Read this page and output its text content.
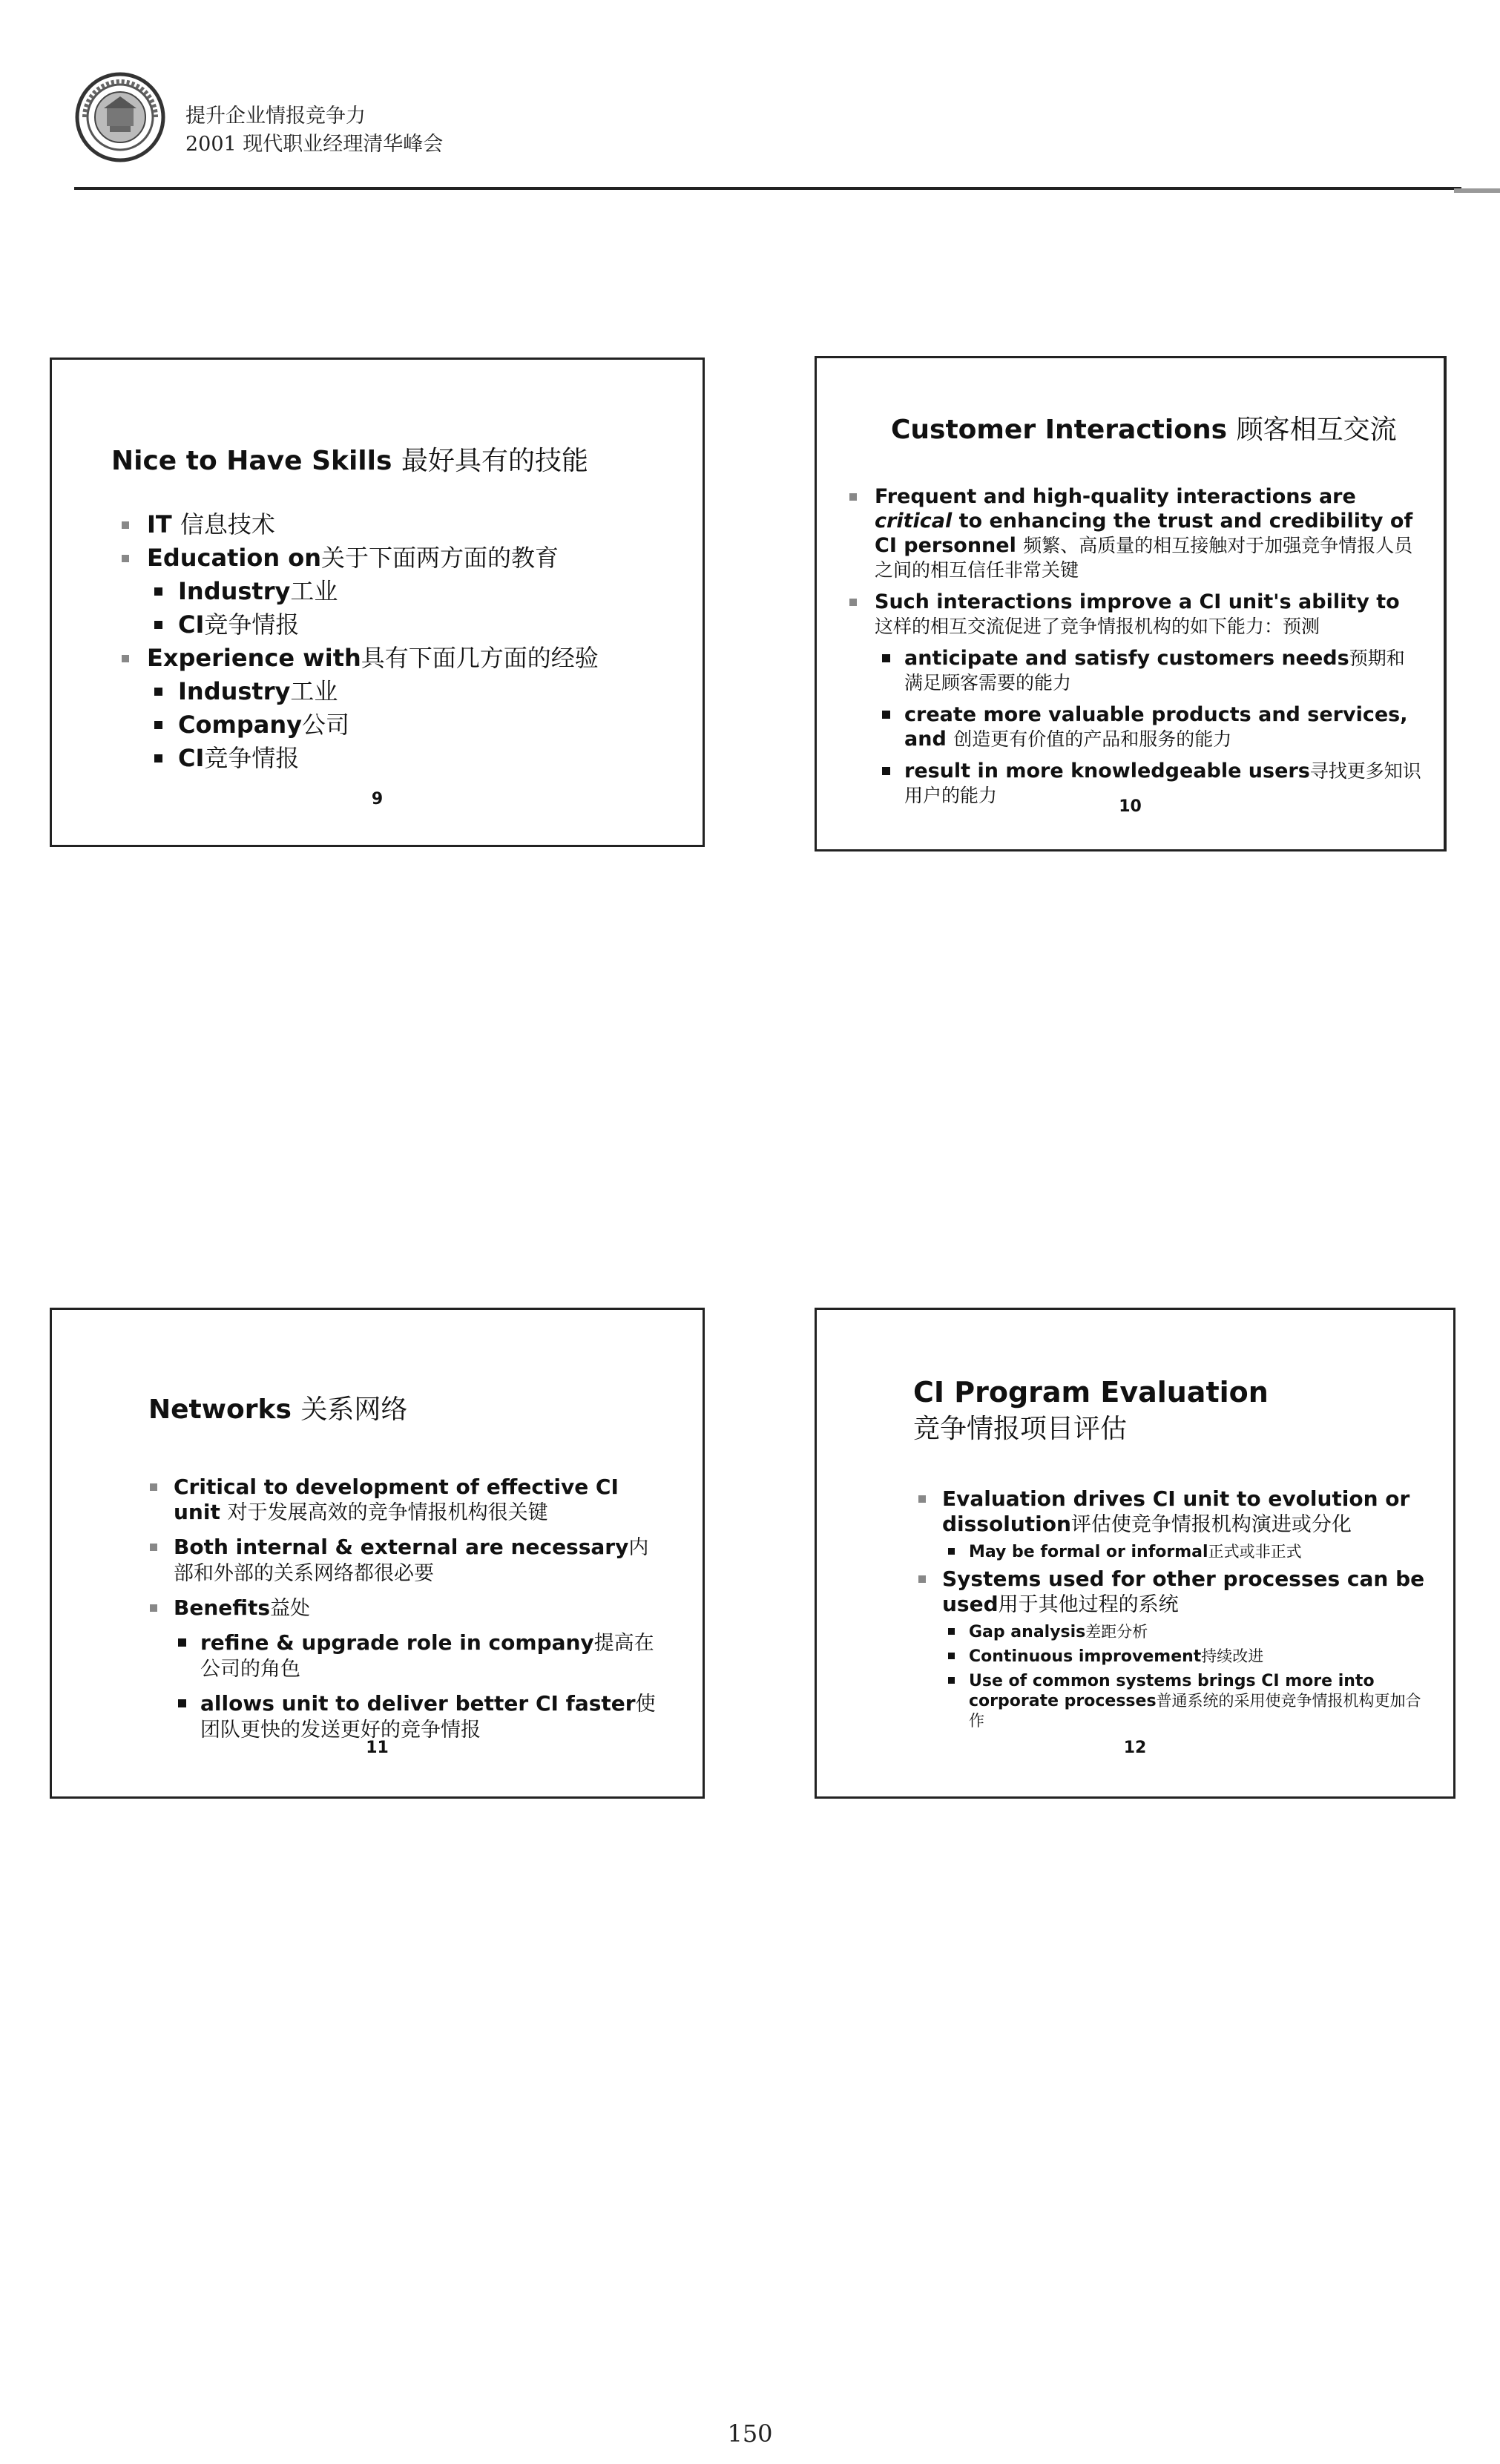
提升企业情报竞争力
2001 现代职业经理清华峰会
Nice to Have Skills 最好具有的技能
IT 信息技术
Education on关于下面两方面的教育
Industry工业
CI竞争情报
Experience with具有下面几方面的经验
Industry工业
Company公司
CI竞争情报
9
Customer Interactions 顾客相互交流
Frequent and high-quality interactions are critical to enhancing the trust and credibility of CI personnel 频繁、高质量的相互接触对于加强竞争情报人员之间的相互信任非常关键
Such interactions improve a CI unit's ability to 这样的相互交流促进了竞争情报机构的如下能力：预测
anticipate and satisfy customers needs预期和满足顾客需要的能力
create more valuable products and services, and 创造更有价值的产品和服务的能力
result in more knowledgeable users寻找更多知识用户的能力
10
Networks 关系网络
Critical to development of effective CI unit 对于发展高效的竞争情报机构很关键
Both internal & external are necessary内部和外部的关系网络都很必要
Benefits益处
refine & upgrade role in company提高在公司的角色
allows unit to deliver better CI faster使团队更快的发送更好的竞争情报
11
CI Program Evaluation
竞争情报项目评估
Evaluation drives CI unit to evolution or dissolution评估使竞争情报机构演进或分化
May be formal or informal正式或非正式
Systems used for other processes can be used用于其他过程的系统
Gap analysis差距分析
Continuous improvement持续改进
Use of common systems brings CI more into corporate processes普通系统的采用使竞争情报机构更加合作
12
150
